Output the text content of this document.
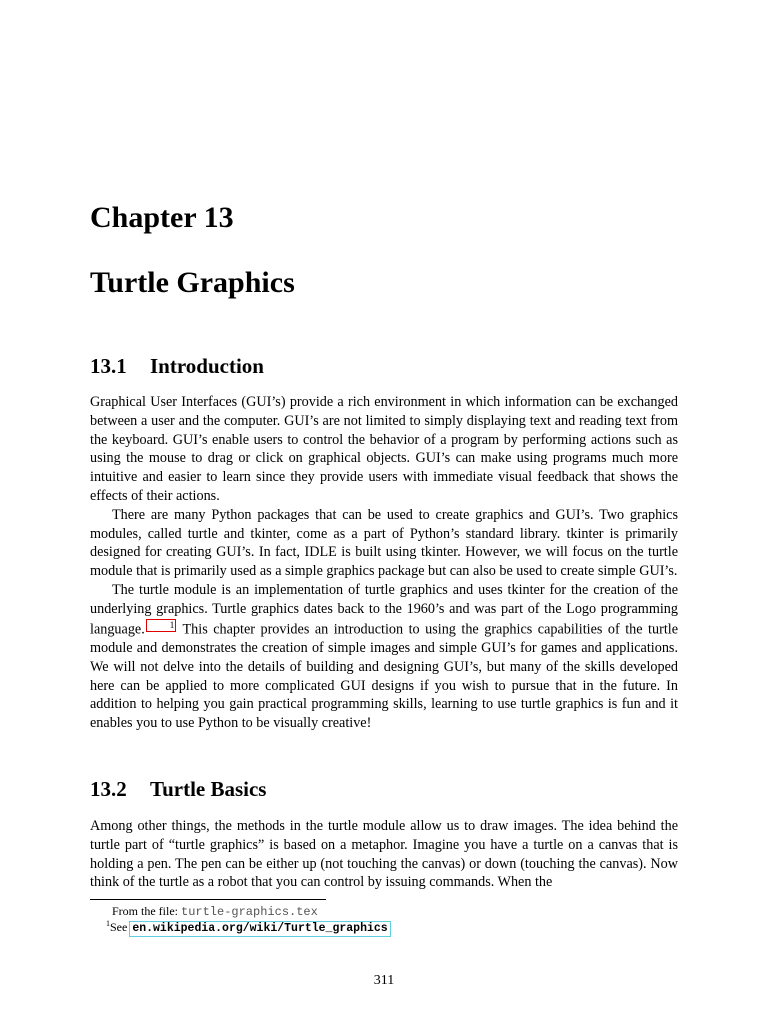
Chapter 13
Turtle Graphics
13.1 Introduction

Graphical User Interfaces (GUI’s) provide a rich environment in which information can be exchanged between a user and the computer. GUI’s are not limited to simply displaying text and reading text from the keyboard. GUI’s enable users to control the behavior of a program by performing actions such as using the mouse to drag or click on graphical objects. GUI’s can make using programs much more intuitive and easier to learn since they provide users with immediate visual feedback that shows the effects of their actions.

There are many Python packages that can be used to create graphics and GUI’s. Two graphics modules, called turtle and tkinter, come as a part of Python’s standard library. tkinter is primarily designed for creating GUI’s. In fact, IDLE is built using tkinter. However, we will focus on the turtle module that is primarily used as a simple graphics package but can also be used to create simple GUI’s.

The turtle module is an implementation of turtle graphics and uses tkinter for the creation of the underlying graphics. Turtle graphics dates back to the 1960’s and was part of the Logo programming language.	1 This chapter provides an introduction to using the graphics capabilities of the turtle module and demonstrates the creation of simple images and simple GUI’s for games and applications. We will not delve into the details of building and designing GUI’s, but many of the skills developed here can be applied to more complicated GUI designs if you wish to pursue that in the future. In addition to helping you gain practical programming skills, learning to use turtle graphics is fun and it enables you to use Python to be visually creative!

13.2 Turtle Basics

Among other things, the methods in the turtle module allow us to draw images. The idea behind the turtle part of “turtle graphics” is based on a metaphor. Imagine you have a turtle on a canvas that is holding a pen. The pen can be either up (not touching the canvas) or down (touching the canvas). Now think of the turtle as a robot that you can control by issuing commands. When the

From the file: turtle-graphics.tex
$^1$See en.wikipedia.org/wiki/Turtle_graphics
311
